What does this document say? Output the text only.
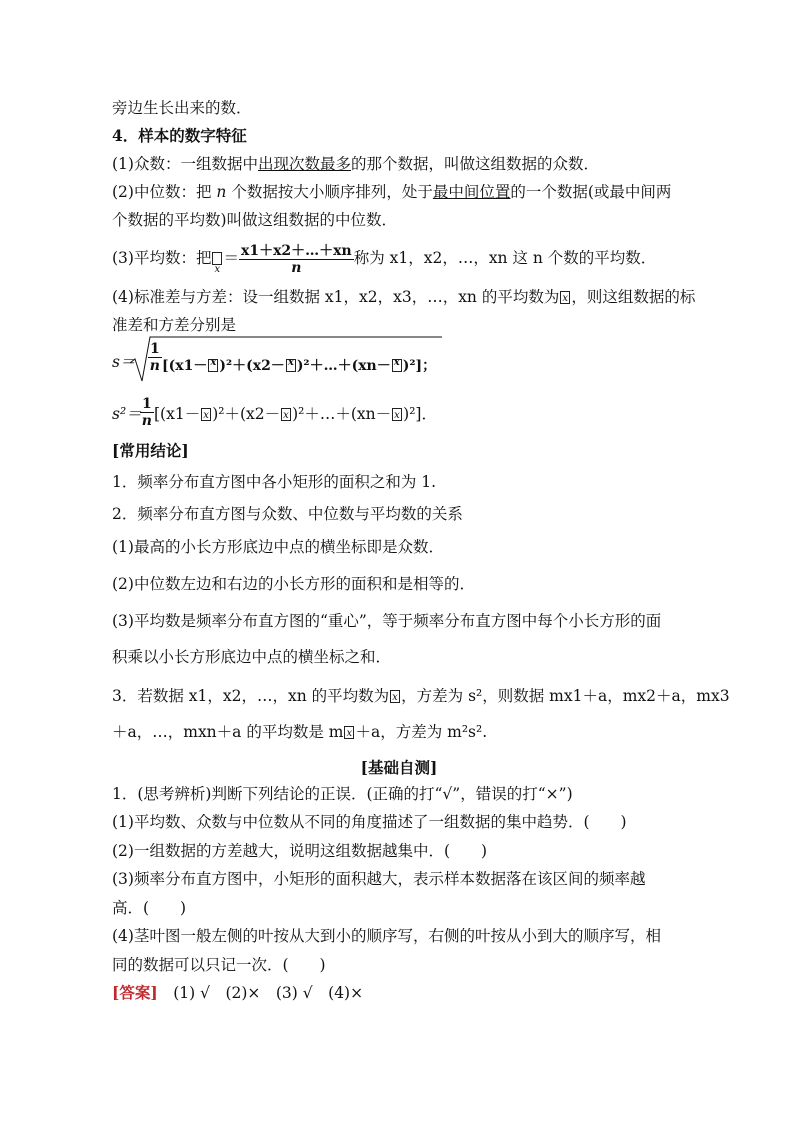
旁边生长出来的数．
4．样本的数字特征
(1)众数：一组数据中出现次数最多的那个数据，叫做这组数据的众数．
(2)中位数：把 n 个数据按大小顺序排列，处于最中间位置的一个数据(或最中间两
个数据的平均数)叫做这组数据的中位数．
(3)平均数：把 $x = \frac{x1+x2+\dots+xn}{n}$ 称为 x1，x2，…，xn 这 n 个数的平均数．
(4)标准差与方差：设一组数据 x1，x2，x3，…，xn 的平均数为 x ，则这组数据的标
准差和方差分别是
$s= \frac{1}{n} [(x1- x$ )²＋(x2－ x )²＋…＋(xn－ x )²]；
s²＝
$\frac{1}{n} [(x1- x$ )²＋(x2－ x )²＋…＋(xn－ x )²]．
[常用结论]
1．频率分布直方图中各小矩形的面积之和为 1.
2．频率分布直方图与众数、中位数与平均数的关系
(1)最高的小长方形底边中点的横坐标即是众数．
(2)中位数左边和右边的小长方形的面积和是相等的．
(3)平均数是频率分布直方图的“重心”，等于频率分布直方图中每个小长方形的面
积乘以小长方形底边中点的横坐标之和．
3．若数据 x1，x2，…，xn 的平均数为 x ，方差为 s²，则数据 mx1＋a，mx2＋a，mx3
＋a，…，mxn＋a 的平均数是 m x ＋a，方差为 m²s².
[基础自测]
1．(思考辨析)判断下列结论的正误．(正确的打“√”，错误的打“×”)
(1)平均数、众数与中位数从不同的角度描述了一组数据的集中趋势．(　　)
(2)一组数据的方差越大，说明这组数据越集中．(　　)
(3)频率分布直方图中，小矩形的面积越大，表示样本数据落在该区间的频率越
高．(　　)
(4)茎叶图一般左侧的叶按从大到小的顺序写，右侧的叶按从小到大的顺序写，相
同的数据可以只记一次．(　　)
[答案]　 (1) √　(2)×　(3) √　(4)×
